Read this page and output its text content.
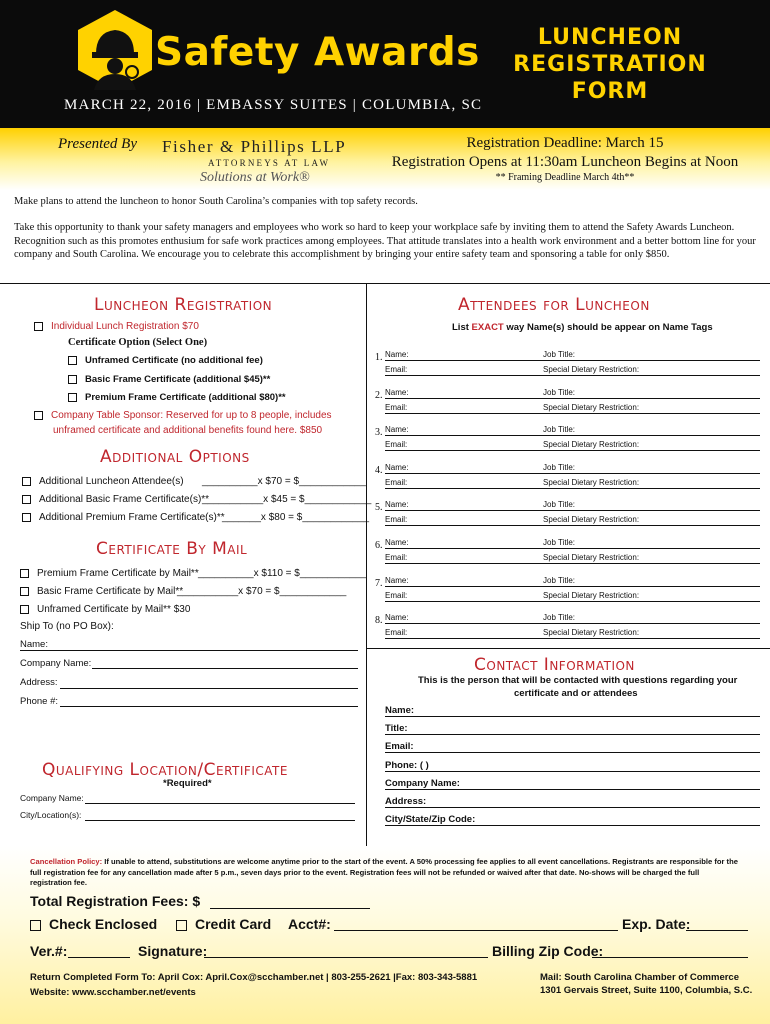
Safety Awards	LUNCHEON
REGISTRATION
FORM
MARCH 22, 2016 | EMBASSY SUITES | COLUMBIA, SC
Presented By Fisher & Phillips LLP
ATTORNEYS AT LAW
Solutions at Work®
Registration Deadline: March 15
Registration Opens at 11:30am Luncheon Begins at Noon
** Framing Deadline March 4th**
Make plans to attend the luncheon to honor South Carolina’s companies with top safety records.
Take this opportunity to thank your safety managers and employees who work so hard to keep your workplace safe by inviting them to attend the Safety Awards Luncheon. Recognition such as this promotes enthusium for safe work practices among employees. That attitude translates into a health work environment and a better bottom line for your company and South Carolina. We encourage you to celebrate this accomplishment by bringing your entire safety team and sponsoring a table for only $850.
Luncheon Registration
Individual Lunch Registration $70
Certificate Option (Select One)
Unframed Certificate (no additional fee)
Basic Frame Certificate (additional $45)**
Premium Frame Certificate (additional $80)**
Company Table Sponsor: Reserved for up to 8 people, includes
unframed certificate and additional benefits found here. $850
Additional Options
Additional Luncheon Attendee(s) __________x $70 = $____________
Additional Basic Frame Certificate(s)**
___________x $45 = $____________
Additional Premium Frame Certificate(s)**
_______x $80 = $____________
Certificate By Mail
Premium Frame Certificate by Mail** __________x $110 = $____________
Basic Frame Certificate by Mail**
___________x $70 = $____________
Unframed Certificate by Mail** $30
Ship To (no PO Box):
Name:
Company Name:
Address:
Phone #:
Qualifying Location/Certificate
*Required*
Company Name:
City/Location(s):
Attendees for Luncheon
List EXACT way Name(s) should be appear on Name Tags
1. Name:	Job Title:
Email:	Special Dietary Restriction:
2. Name:	Job Title:
Email:	Special Dietary Restriction:
3. Name:	Job Title:
Email:	Special Dietary Restriction:
4. Name:	Job Title:
Email:	Special Dietary Restriction:
5. Name:	Job Title:
Email:	Special Dietary Restriction:
6. Name:	Job Title:
Email:	Special Dietary Restriction:
7. Name:	Job Title:
Email:	Special Dietary Restriction:
8. Name:	Job Title:
Email:	Special Dietary Restriction:
Contact Information
This is the person that will be contacted with questions regarding your
certificate and or attendees
Name:
Title:
Email:
Phone: ( )
Company Name:
Address:
City/State/Zip Code:
Cancellation Policy: If unable to attend, substitutions are welcome anytime prior to the start of the event. A 50% processing fee applies to all event cancellations. Registrants are responsible for the full registration fee for any cancellation made after 5 p.m., seven days prior to the event. Registration fees will not be refunded or waived after that date. No-shows will be charged the full registration fee.
Total Registration Fees: $
Check Enclosed	Credit Card Acct#:	Exp. Date:
Ver.#:	Signature:	Billing Zip Code:
Return Completed Form To: April Cox: April.Cox@scchamber.net | 803-255-2621 |Fax: 803-343-5881
Website: www.scchamber.net/events
Mail: South Carolina Chamber of Commerce
1301 Gervais Street, Suite 1100, Columbia, S.C.
